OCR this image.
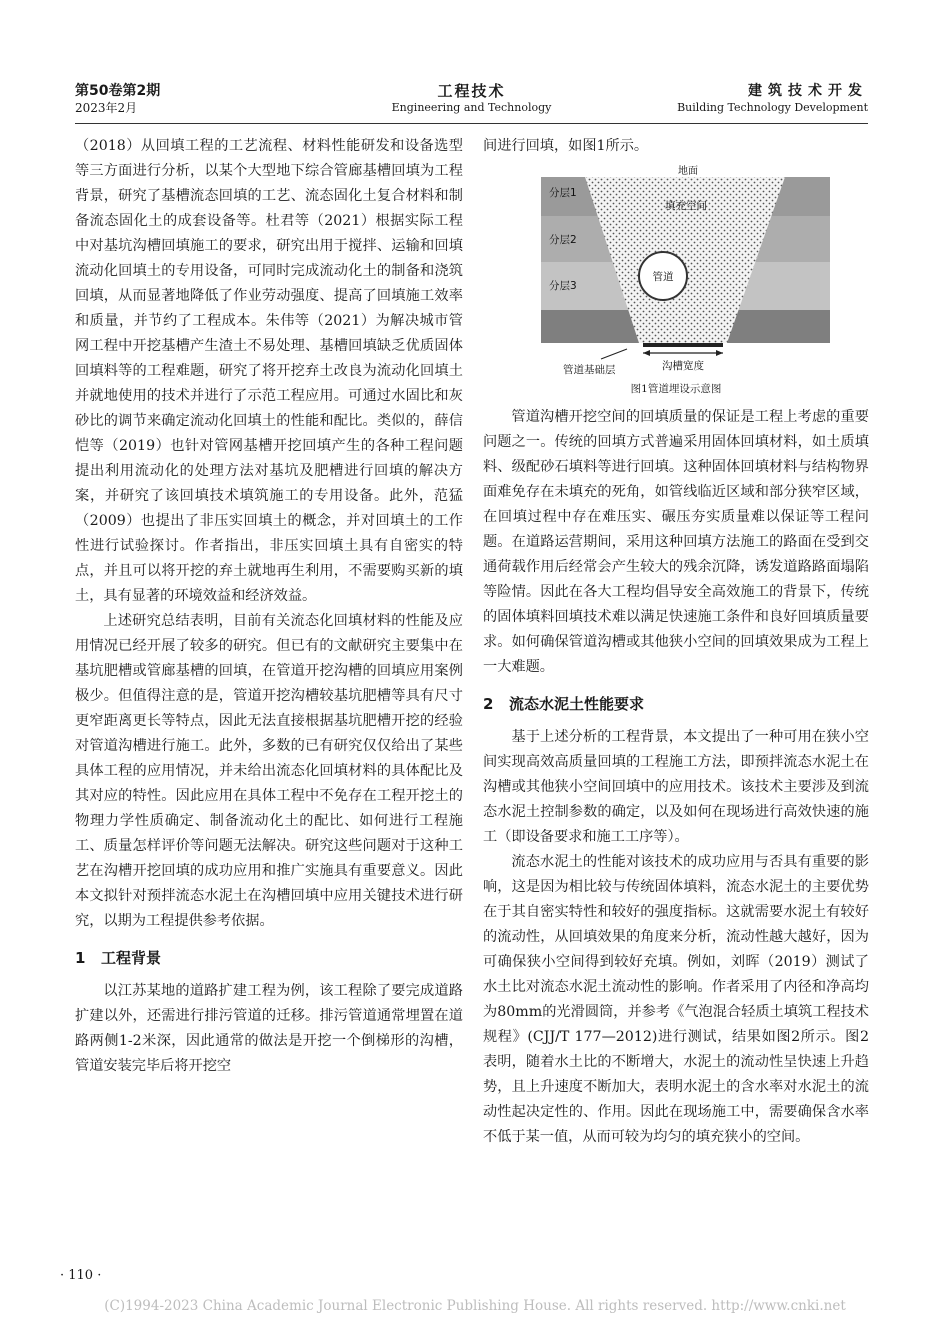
第50卷第2期
2023年2月
工程技术
Engineering and Technology
建筑技术开发
Building Technology Development

（2018）从回填工程的工艺流程、材料性能研发和设备选型等三方面进行分析，以某个大型地下综合管廊基槽回填为工程背景，研究了基槽流态回填的工艺、流态固化土复合材料和制备流态固化土的成套设备等。杜君等（2021）根据实际工程中对基坑沟槽回填施工的要求，研究出用于搅拌、运输和回填流动化回填土的专用设备，可同时完成流动化土的制备和浇筑回填，从而显著地降低了作业劳动强度、提高了回填施工效率和质量，并节约了工程成本。朱伟等（2021）为解决城市管网工程中开挖基槽产生渣土不易处理、基槽回填缺乏优质固体回填料等的工程难题，研究了将开挖弃土改良为流动化回填土并就地使用的技术并进行了示范工程应用。可通过水固比和灰砂比的调节来确定流动化回填土的性能和配比。类似的，薛信恺等（2019）也针对管网基槽开挖回填产生的各种工程问题提出利用流动化的处理方法对基坑及肥槽进行回填的解决方案，并研究了该回填技术填筑施工的专用设备。此外，范猛（2009）也提出了非压实回填土的概念，并对回填土的工作性进行试验探讨。作者指出，非压实回填土具有自密实的特点，并且可以将开挖的弃土就地再生利用，不需要购买新的填土，具有显著的环境效益和经济效益。

上述研究总结表明，目前有关流态化回填材料的性能及应用情况已经开展了较多的研究。但已有的文献研究主要集中在基坑肥槽或管廊基槽的回填，在管道开挖沟槽的回填应用案例极少。但值得注意的是，管道开挖沟槽较基坑肥槽等具有尺寸更窄距离更长等特点，因此无法直接根据基坑肥槽开挖的经验对管道沟槽进行施工。此外，多数的已有研究仅仅给出了某些具体工程的应用情况，并未给出流态化回填材料的具体配比及其对应的特性。因此应用在具体工程中不免存在工程开挖土的物理力学性质确定、制备流动化土的配比、如何进行工程施工、质量怎样评价等问题无法解决。研究这些问题对于这种工艺在沟槽开挖回填的成功应用和推广实施具有重要意义。因此本文拟针对预拌流态水泥土在沟槽回填中应用关键技术进行研究，以期为工程提供参考依据。

1 工程背景

以江苏某地的道路扩建工程为例，该工程除了要完成道路扩建以外，还需进行排污管道的迁移。排污管道通常埋置在道路两侧1-2米深，因此通常的做法是开挖一个倒梯形的沟槽，管道安装完毕后将开挖空

间进行回填，如图1所示。

地面
分层1
分层2
分层3
填充空间
管道
管道基础层	沟槽宽度

图1管道埋设示意图

管道沟槽开挖空间的回填质量的保证是工程上考虑的重要问题之一。传统的回填方式普遍采用固体回填材料，如土质填料、级配砂石填料等进行回填。这种固体回填材料与结构物界面难免存在未填充的死角，如管线临近区域和部分狭窄区域，在回填过程中存在难压实、碾压夯实质量难以保证等工程问题。在道路运营期间，采用这种回填方法施工的路面在受到交通荷载作用后经常会产生较大的残余沉降，诱发道路路面塌陷等险情。因此在各大工程均倡导安全高效施工的背景下，传统的固体填料回填技术难以满足快速施工条件和良好回填质量要求。如何确保管道沟槽或其他狭小空间的回填效果成为工程上一大难题。

2 流态水泥土性能要求

基于上述分析的工程背景，本文提出了一种可用在狭小空间实现高效高质量回填的工程施工方法，即预拌流态水泥土在沟槽或其他狭小空间回填中的应用技术。该技术主要涉及到流态水泥土控制参数的确定，以及如何在现场进行高效快速的施工（即设备要求和施工工序等）。

流态水泥土的性能对该技术的成功应用与否具有重要的影响，这是因为相比较与传统固体填料，流态水泥土的主要优势在于其自密实特性和较好的强度指标。这就需要水泥土有较好的流动性，从回填效果的角度来分析，流动性越大越好，因为可确保狭小空间得到较好充填。例如，刘晖（2019）测试了水土比对流态水泥土流动性的影响。作者采用了内径和净高均为80mm的光滑圆筒，并参考《气泡混合轻质土填筑工程技术规程》(CJJ/T 177—2012)进行测试，结果如图2所示。图2表明，随着水土比的不断增大，水泥土的流动性呈快速上升趋势，且上升速度不断加大，表明水泥土的含水率对水泥土的流动性起决定性的、作用。因此在现场施工中，需要确保含水率不低于某一值，从而可较为均匀的填充狭小的空间。

· 110 ·
(C)1994-2023 China Academic Journal Electronic Publishing House. All rights reserved. http://www.cnki.net
